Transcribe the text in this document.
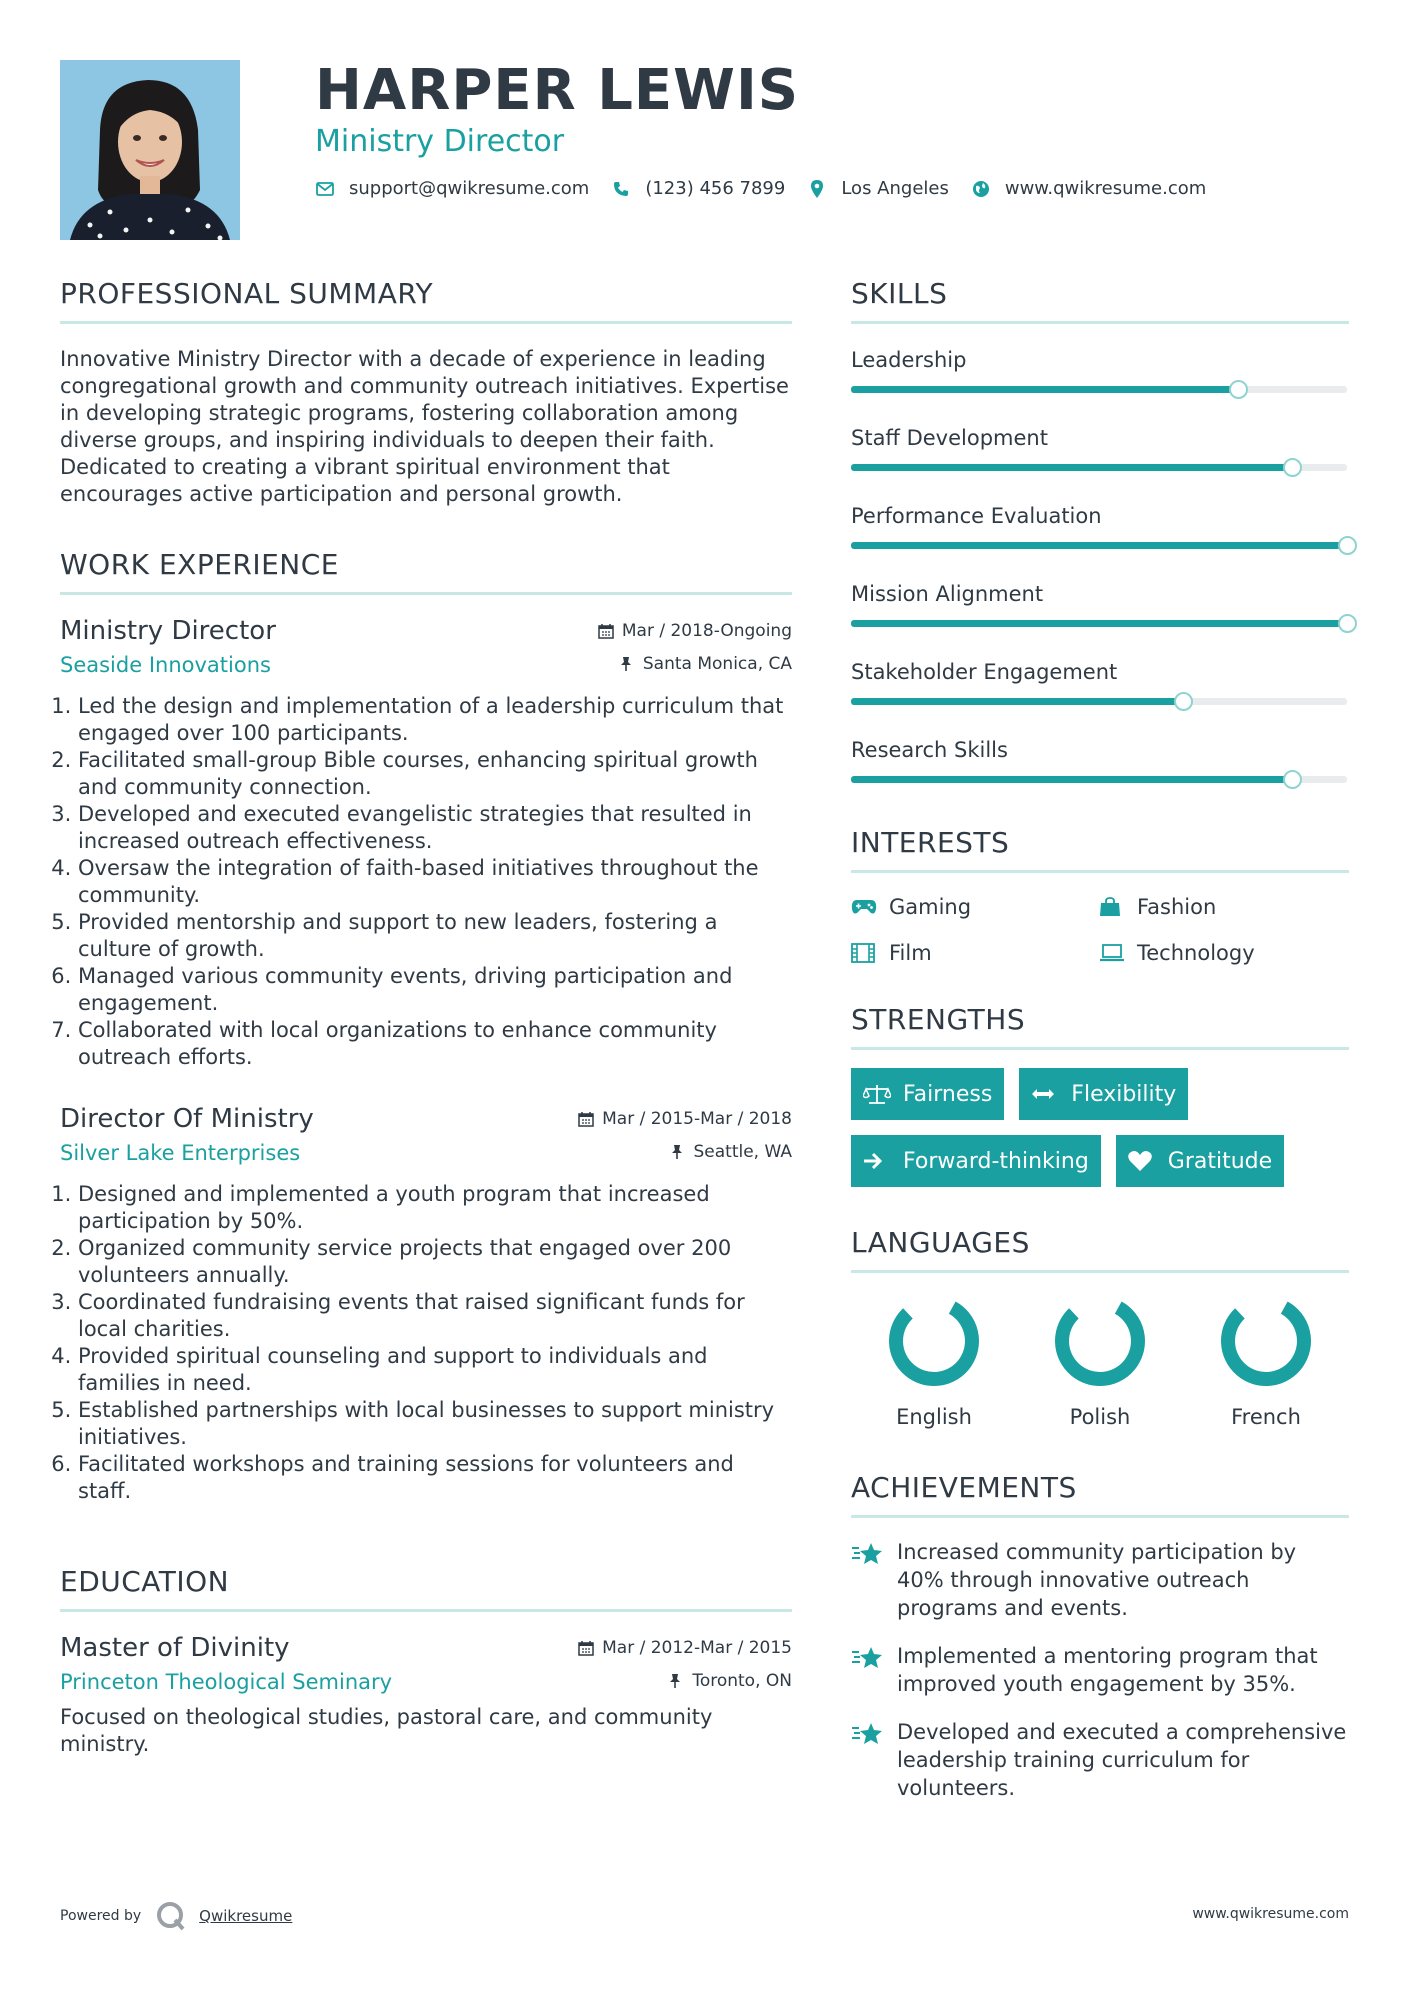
HARPER LEWIS
Ministry Director
support@qwikresume.com	(123) 456 7899	Los Angeles	www.qwikresume.com
PROFESSIONAL SUMMARY

Innovative Ministry Director with a decade of experience in leading congregational growth and community outreach initiatives. Expertise in developing strategic programs, fostering collaboration among diverse groups, and inspiring individuals to deepen their faith. Dedicated to creating a vibrant spiritual environment that encourages active participation and personal growth.

WORK EXPERIENCE
Ministry Director	Mar / 2018-Ongoing
Seaside Innovations	Santa Monica, CA
1. Led the design and implementation of a leadership curriculum that engaged over 100 participants.
2. Facilitated small-group Bible courses, enhancing spiritual growth and community connection.
3. Developed and executed evangelistic strategies that resulted in increased outreach effectiveness.
4. Oversaw the integration of faith-based initiatives throughout the community.
5. Provided mentorship and support to new leaders, fostering a culture of growth.
6. Managed various community events, driving participation and engagement.
7. Collaborated with local organizations to enhance community outreach efforts.
Director Of Ministry	Mar / 2015-Mar / 2018
Silver Lake Enterprises	Seattle, WA
1. Designed and implemented a youth program that increased participation by 50%.
2. Organized community service projects that engaged over 200 volunteers annually.
3. Coordinated fundraising events that raised significant funds for local charities.
4. Provided spiritual counseling and support to individuals and families in need.
5. Established partnerships with local businesses to support ministry initiatives.
6. Facilitated workshops and training sessions for volunteers and staff.
EDUCATION
Master of Divinity	Mar / 2012-Mar / 2015
Princeton Theological Seminary	Toronto, ON

Focused on theological studies, pastoral care, and community ministry.

SKILLS
Leadership
Staff Development
Performance Evaluation
Mission Alignment
Stakeholder Engagement
Research Skills
INTERESTS
Gaming	Fashion
Film	Technology
STRENGTHS
Fairness	Flexibility
Forward-thinking	Gratitude
LANGUAGES
English	Polish	French
ACHIEVEMENTS
Increased community participation by 40% through innovative outreach programs and events.
Implemented a mentoring program that improved youth engagement by 35%.
Developed and executed a comprehensive leadership training curriculum for volunteers.
Powered by	Qwikresume	www.qwikresume.com
